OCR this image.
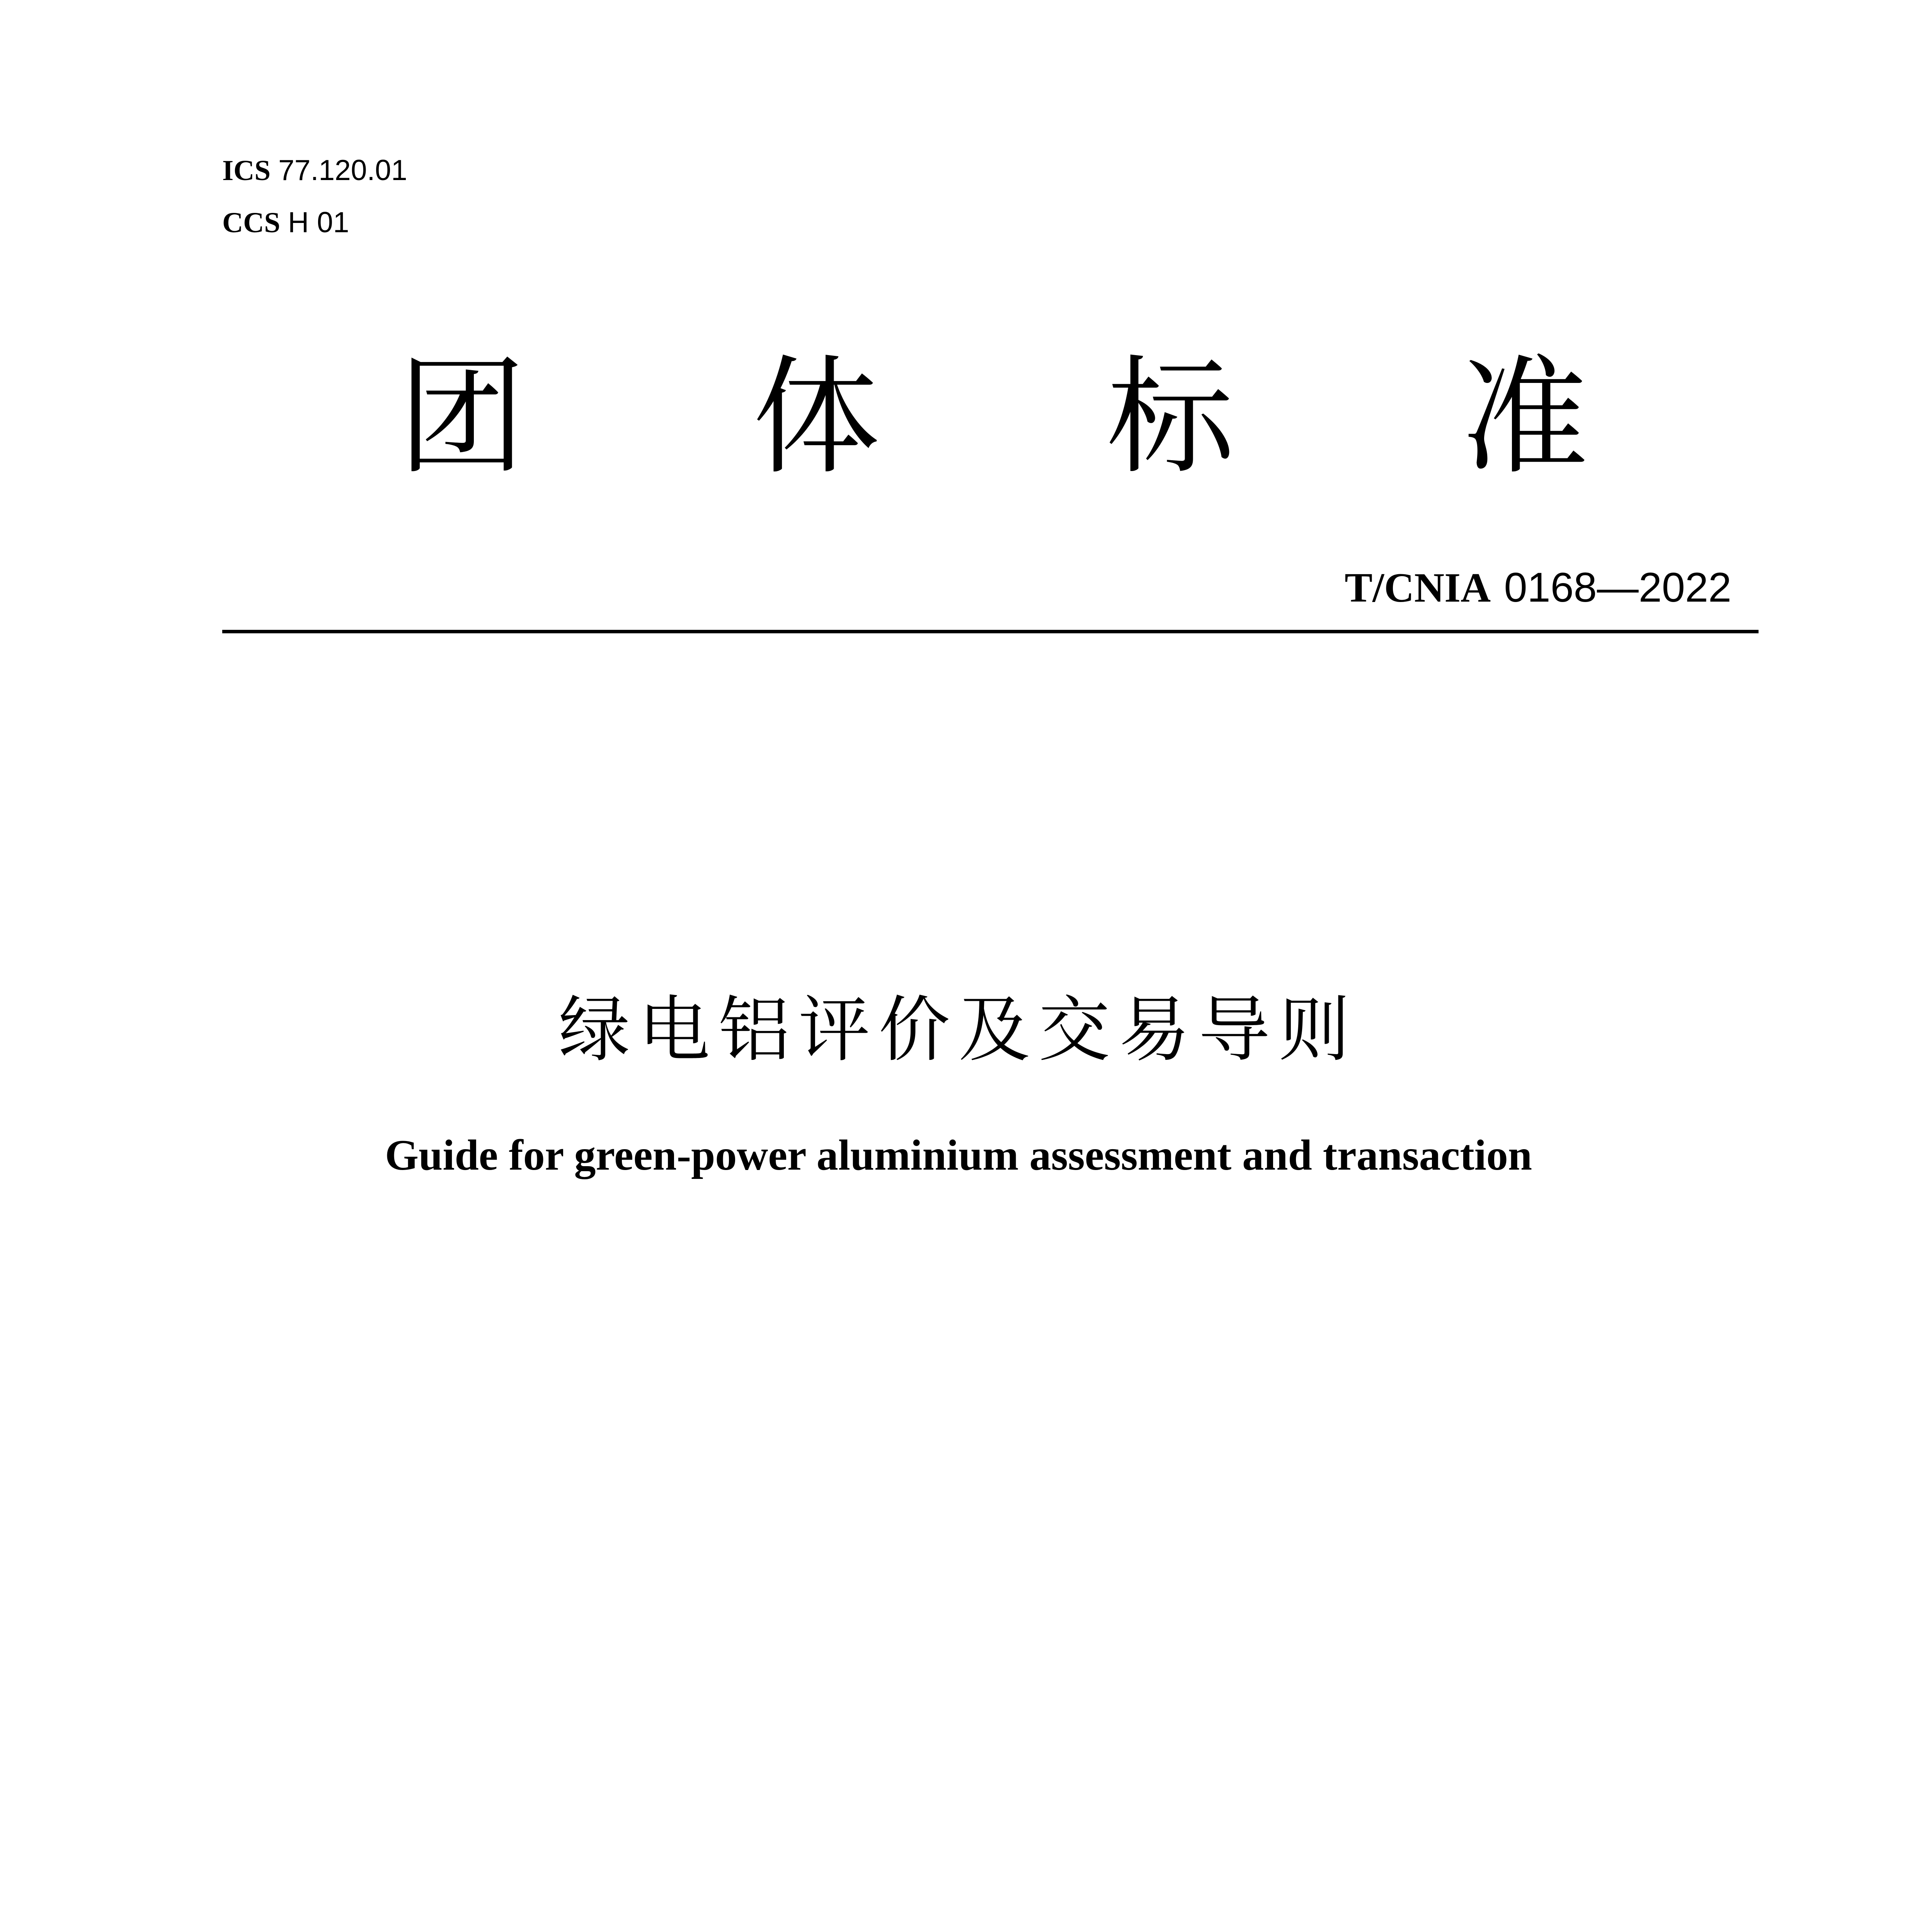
ICS 77.120.01
CCS H 01
团 体 标 准
T/CNIA 0168—2022
绿电铝评价及交易导则
Guide for green-power aluminium assessment and transaction
